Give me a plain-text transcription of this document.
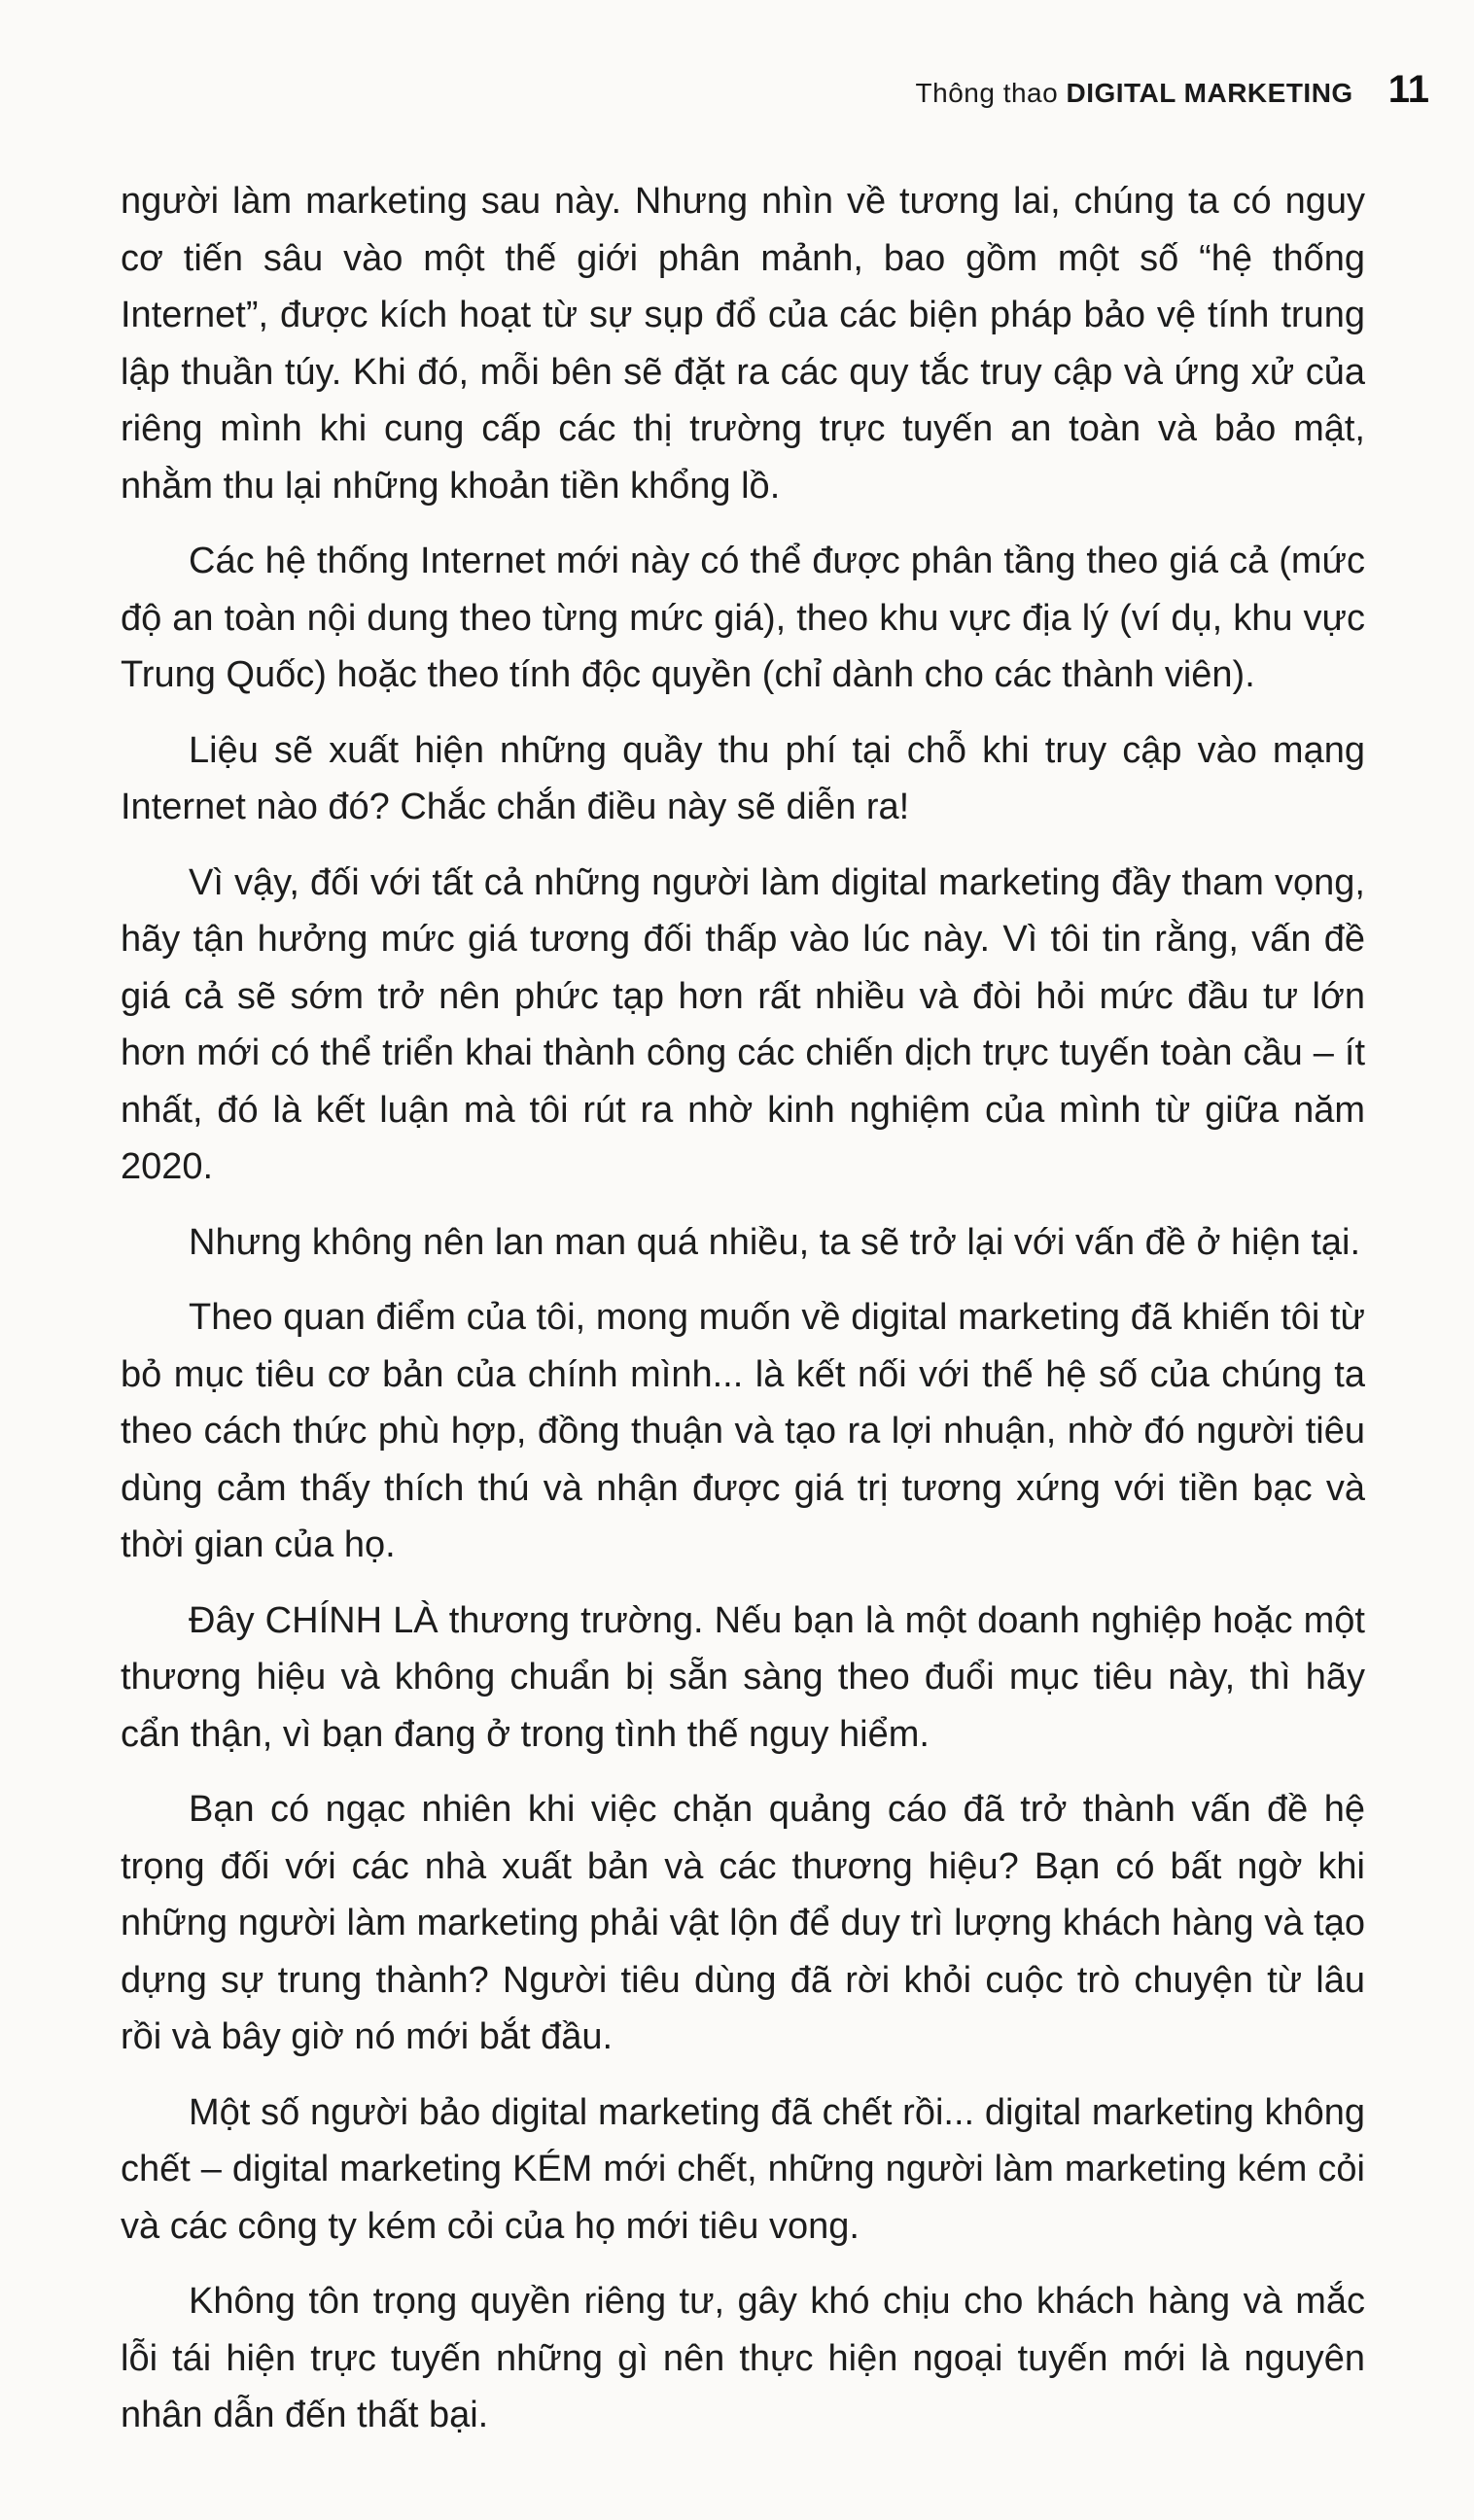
Thông thao DIGITAL MARKETING 11

người làm marketing sau này. Nhưng nhìn về tương lai, chúng ta có nguy cơ tiến sâu vào một thế giới phân mảnh, bao gồm một số “hệ thống Internet”, được kích hoạt từ sự sụp đổ của các biện pháp bảo vệ tính trung lập thuần túy. Khi đó, mỗi bên sẽ đặt ra các quy tắc truy cập và ứng xử của riêng mình khi cung cấp các thị trường trực tuyến an toàn và bảo mật, nhằm thu lại những khoản tiền khổng lồ.

Các hệ thống Internet mới này có thể được phân tầng theo giá cả (mức độ an toàn nội dung theo từng mức giá), theo khu vực địa lý (ví dụ, khu vực Trung Quốc) hoặc theo tính độc quyền (chỉ dành cho các thành viên).

Liệu sẽ xuất hiện những quầy thu phí tại chỗ khi truy cập vào mạng Internet nào đó? Chắc chắn điều này sẽ diễn ra!

Vì vậy, đối với tất cả những người làm digital marketing đầy tham vọng, hãy tận hưởng mức giá tương đối thấp vào lúc này. Vì tôi tin rằng, vấn đề giá cả sẽ sớm trở nên phức tạp hơn rất nhiều và đòi hỏi mức đầu tư lớn hơn mới có thể triển khai thành công các chiến dịch trực tuyến toàn cầu – ít nhất, đó là kết luận mà tôi rút ra nhờ kinh nghiệm của mình từ giữa năm 2020.

Nhưng không nên lan man quá nhiều, ta sẽ trở lại với vấn đề ở hiện tại.

Theo quan điểm của tôi, mong muốn về digital marketing đã khiến tôi từ bỏ mục tiêu cơ bản của chính mình... là kết nối với thế hệ số của chúng ta theo cách thức phù hợp, đồng thuận và tạo ra lợi nhuận, nhờ đó người tiêu dùng cảm thấy thích thú và nhận được giá trị tương xứng với tiền bạc và thời gian của họ.

Đây CHÍNH LÀ thương trường. Nếu bạn là một doanh nghiệp hoặc một thương hiệu và không chuẩn bị sẵn sàng theo đuổi mục tiêu này, thì hãy cẩn thận, vì bạn đang ở trong tình thế nguy hiểm.

Bạn có ngạc nhiên khi việc chặn quảng cáo đã trở thành vấn đề hệ trọng đối với các nhà xuất bản và các thương hiệu? Bạn có bất ngờ khi những người làm marketing phải vật lộn để duy trì lượng khách hàng và tạo dựng sự trung thành? Người tiêu dùng đã rời khỏi cuộc trò chuyện từ lâu rồi và bây giờ nó mới bắt đầu.

Một số người bảo digital marketing đã chết rồi... digital marketing không chết – digital marketing KÉM mới chết, những người làm marketing kém cỏi và các công ty kém cỏi của họ mới tiêu vong.

Không tôn trọng quyền riêng tư, gây khó chịu cho khách hàng và mắc lỗi tái hiện trực tuyến những gì nên thực hiện ngoại tuyến mới là nguyên nhân dẫn đến thất bại.
